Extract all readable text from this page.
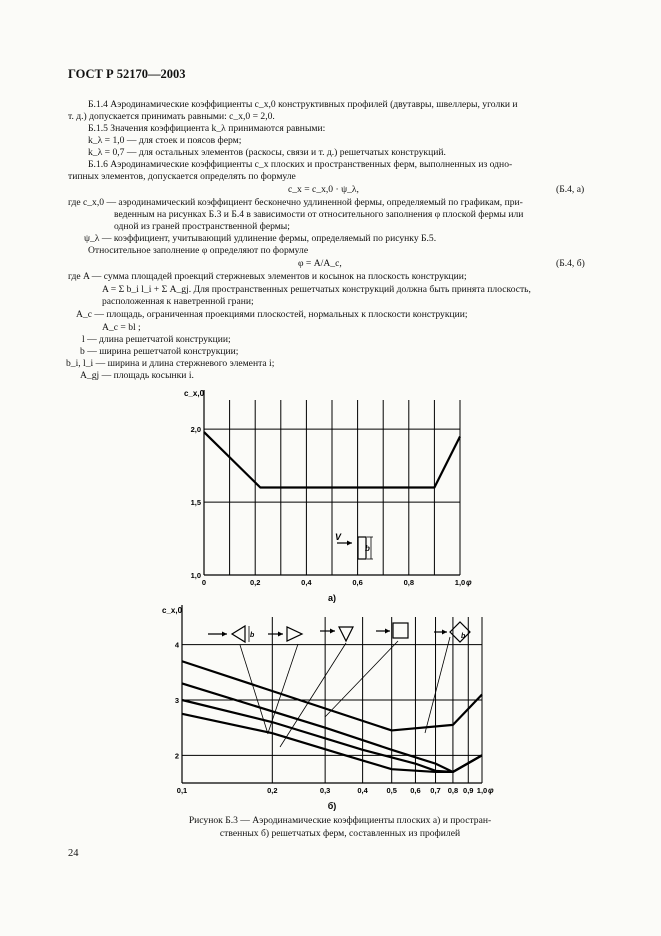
ГОСТ Р 52170—2003
Б.1.4 Аэродинамические коэффициенты c_x,0 конструктивных профилей (двутавры, швеллеры, уголки и
т. д.) допускается принимать равными: c_x,0 = 2,0.
Б.1.5 Значения коэффициента k_λ принимаются равными:
k_λ = 1,0 — для стоек и поясов ферм;
k_λ = 0,7 — для остальных элементов (раскосы, связи и т. д.) решетчатых конструкций.
Б.1.6 Аэродинамические коэффициенты c_x плоских и пространственных ферм, выполненных из одно-
типных элементов, допускается определять по формуле
c_x = c_x,0 · ψ_λ,	(Б.4, а)
где c_x,0 — аэродинамический коэффициент бесконечно удлиненной фермы, определяемый по графикам, при-
веденным на рисунках Б.3 и Б.4 в зависимости от относительного заполнения φ плоской фермы или
одной из граней пространственной фермы;
ψ_λ — коэффициент, учитывающий удлинение фермы, определяемый по рисунку Б.5.
Относительное заполнение φ определяют по формуле
φ = A/A_c,	(Б.4, б)
где A — сумма площадей проекций стержневых элементов и косынок на плоскость конструкции;
A = Σ b_i l_i + Σ A_gj. Для пространственных решетчатых конструкций должна быть принята плоскость,
расположенная к наветренной грани;
A_c — площадь, ограниченная проекциями плоскостей, нормальных к плоскости конструкции;
A_c = bl ;
l — длина решетчатой конструкции;
b — ширина решетчатой конструкции;
b_i, l_i — ширина и длина стержневого элемента i;
A_gj — площадь косынки i.
0	0,2	0,4	0,6	0,8	1,0
1,0
1,5
2,0
c_x,0
φ
а)
V
b
0,1	0,2	0,3	0,4 0,5 0,6 0,7 0,8 0,9 1,0
2
3
4
c_x,0
φ
б)
b	b
Рисунок Б.3 — Аэродинамические коэффициенты плоских а) и простран-
ственных б) решетчатых ферм, составленных из профилей
24
